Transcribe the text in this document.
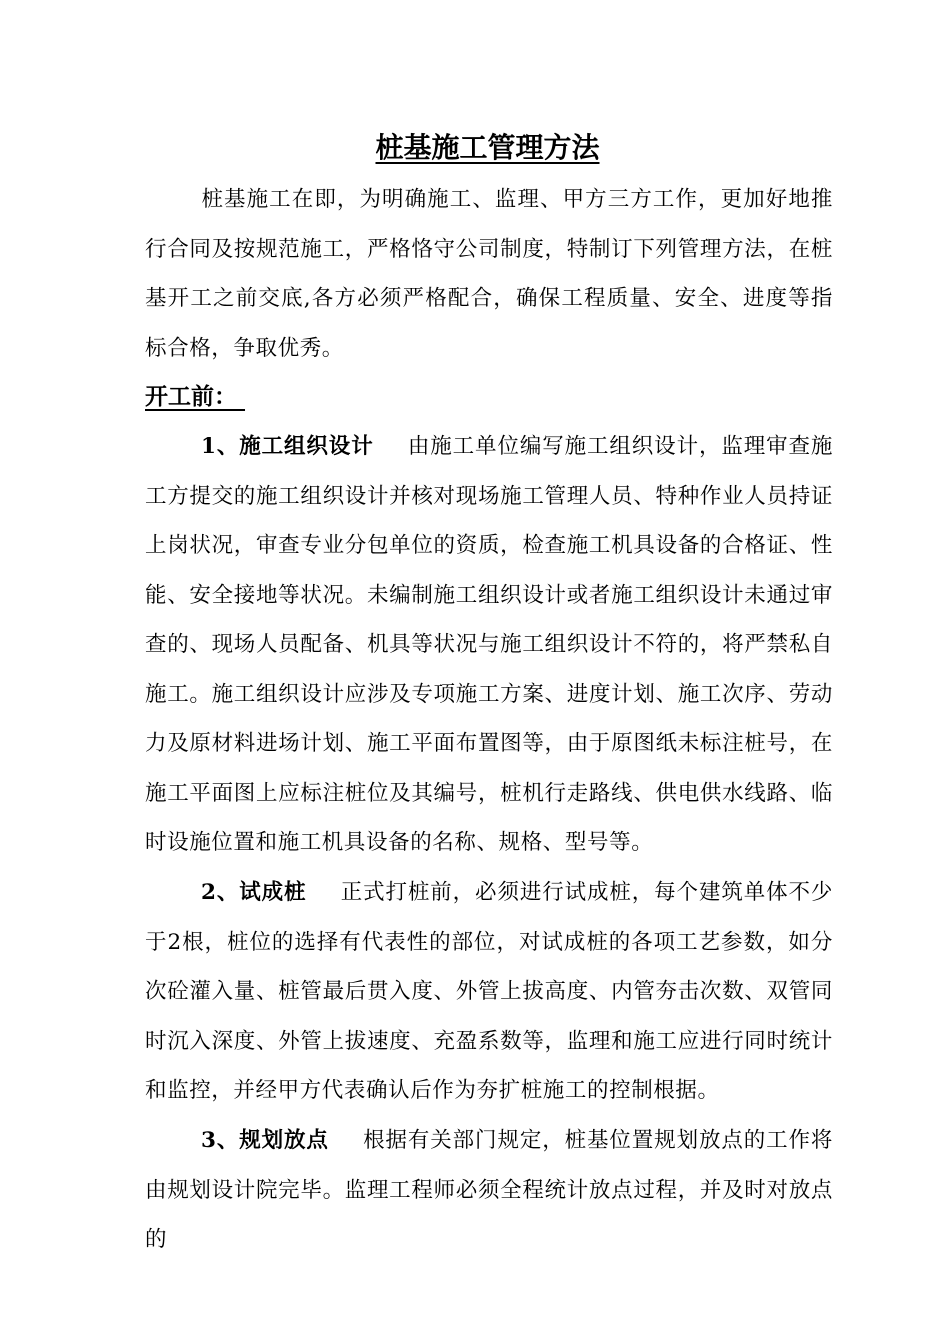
桩基施工管理方法
桩基施工在即，为明确施工、监理、甲方三方工作，更加好地推行合同及按规范施工，严格恪守公司制度，特制订下列管理方法，在桩基开工之前交底,各方必须严格配合，确保工程质量、安全、进度等指标合格，争取优秀。
开工前：
1、施工组织设计 由施工单位编写施工组织设计，监理审查施工方提交的施工组织设计并核对现场施工管理人员、特种作业人员持证上岗状况，审查专业分包单位的资质，检查施工机具设备的合格证、性能、安全接地等状况。未编制施工组织设计或者施工组织设计未通过审查的、现场人员配备、机具等状况与施工组织设计不符的，将严禁私自施工。施工组织设计应涉及专项施工方案、进度计划、施工次序、劳动力及原材料进场计划、施工平面布置图等，由于原图纸未标注桩号，在施工平面图上应标注桩位及其编号，桩机行走路线、供电供水线路、临时设施位置和施工机具设备的名称、规格、型号等。
2、试成桩 正式打桩前，必须进行试成桩，每个建筑单体不少于2根，桩位的选择有代表性的部位，对试成桩的各项工艺参数，如分次砼灌入量、桩管最后贯入度、外管上拔高度、内管夯击次数、双管同时沉入深度、外管上拔速度、充盈系数等，监理和施工应进行同时统计和监控，并经甲方代表确认后作为夯扩桩施工的控制根据。
3、规划放点 根据有关部门规定，桩基位置规划放点的工作将由规划设计院完毕。监理工程师必须全程统计放点过程，并及时对放点的
